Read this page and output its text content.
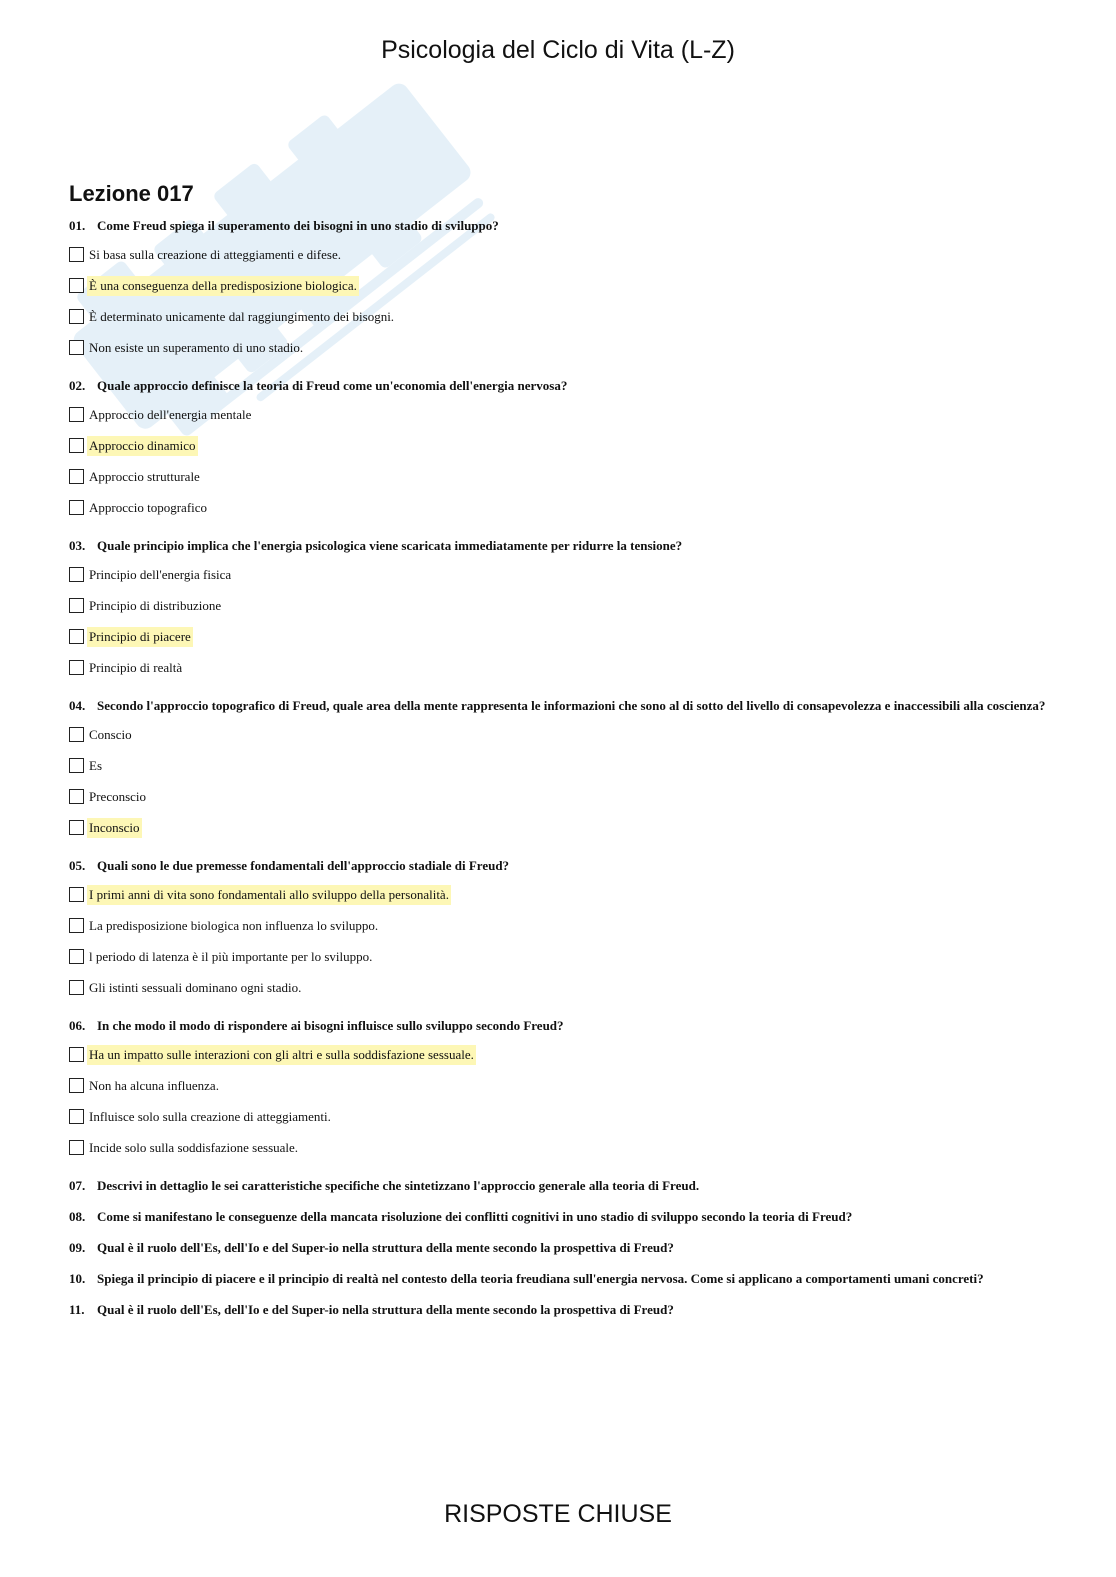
Psicologia del Ciclo di Vita (L-Z)
Lezione 017
01. Come Freud spiega il superamento dei bisogni in uno stadio di sviluppo?
Si basa sulla creazione di atteggiamenti e difese.
È una conseguenza della predisposizione biologica.
È determinato unicamente dal raggiungimento dei bisogni.
Non esiste un superamento di uno stadio.
02. Quale approccio definisce la teoria di Freud come un'economia dell'energia nervosa?
Approccio dell'energia mentale
Approccio dinamico
Approccio strutturale
Approccio topografico
03. Quale principio implica che l'energia psicologica viene scaricata immediatamente per ridurre la tensione?
Principio dell'energia fisica
Principio di distribuzione
Principio di piacere
Principio di realtà
04. Secondo l'approccio topografico di Freud, quale area della mente rappresenta le informazioni che sono al di sotto del livello di consapevolezza e inaccessibili alla coscienza?
Conscio
Es
Preconscio
Inconscio
05. Quali sono le due premesse fondamentali dell'approccio stadiale di Freud?
I primi anni di vita sono fondamentali allo sviluppo della personalità.
La predisposizione biologica non influenza lo sviluppo.
l periodo di latenza è il più importante per lo sviluppo.
Gli istinti sessuali dominano ogni stadio.
06. In che modo il modo di rispondere ai bisogni influisce sullo sviluppo secondo Freud?
Ha un impatto sulle interazioni con gli altri e sulla soddisfazione sessuale.
Non ha alcuna influenza.
Influisce solo sulla creazione di atteggiamenti.
Incide solo sulla soddisfazione sessuale.
07. Descrivi in dettaglio le sei caratteristiche specifiche che sintetizzano l'approccio generale alla teoria di Freud.
08. Come si manifestano le conseguenze della mancata risoluzione dei conflitti cognitivi in uno stadio di sviluppo secondo la teoria di Freud?
09. Qual è il ruolo dell'Es, dell'Io e del Super-io nella struttura della mente secondo la prospettiva di Freud?
10. Spiega il principio di piacere e il principio di realtà nel contesto della teoria freudiana sull'energia nervosa. Come si applicano a comportamenti umani concreti?
11. Qual è il ruolo dell'Es, dell'Io e del Super-io nella struttura della mente secondo la prospettiva di Freud?
RISPOSTE CHIUSE
